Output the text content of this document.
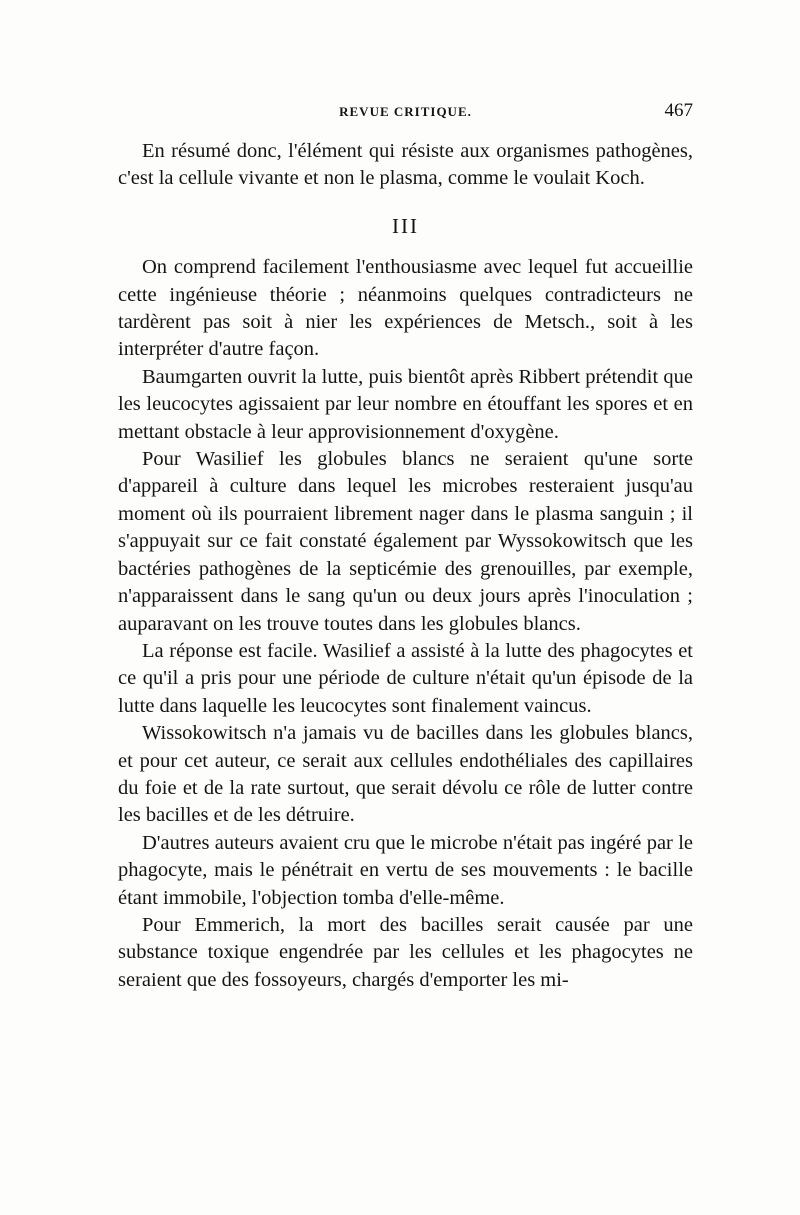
REVUE CRITIQUE.	467

En résumé donc, l'élément qui résiste aux organismes pathogènes, c'est la cellule vivante et non le plasma, comme le voulait Koch.

III

On comprend facilement l'enthousiasme avec lequel fut accueillie cette ingénieuse théorie ; néanmoins quelques contradicteurs ne tardèrent pas soit à nier les expériences de Metsch., soit à les interpréter d'autre façon.

Baumgarten ouvrit la lutte, puis bientôt après Ribbert prétendit que les leucocytes agissaient par leur nombre en étouffant les spores et en mettant obstacle à leur approvisionnement d'oxygène.

Pour Wasilief les globules blancs ne seraient qu'une sorte d'appareil à culture dans lequel les microbes resteraient jusqu'au moment où ils pourraient librement nager dans le plasma sanguin ; il s'appuyait sur ce fait constaté également par Wyssokowitsch que les bactéries pathogènes de la septicémie des grenouilles, par exemple, n'apparaissent dans le sang qu'un ou deux jours après l'inoculation ; auparavant on les trouve toutes dans les globules blancs.

La réponse est facile. Wasilief a assisté à la lutte des phagocytes et ce qu'il a pris pour une période de culture n'était qu'un épisode de la lutte dans laquelle les leucocytes sont finalement vaincus.

Wissokowitsch n'a jamais vu de bacilles dans les globules blancs, et pour cet auteur, ce serait aux cellules endothéliales des capillaires du foie et de la rate surtout, que serait dévolu ce rôle de lutter contre les bacilles et de les détruire.

D'autres auteurs avaient cru que le microbe n'était pas ingéré par le phagocyte, mais le pénétrait en vertu de ses mouvements : le bacille étant immobile, l'objection tomba d'elle-même.

Pour Emmerich, la mort des bacilles serait causée par une substance toxique engendrée par les cellules et les phagocytes ne seraient que des fossoyeurs, chargés d'emporter les mi-
